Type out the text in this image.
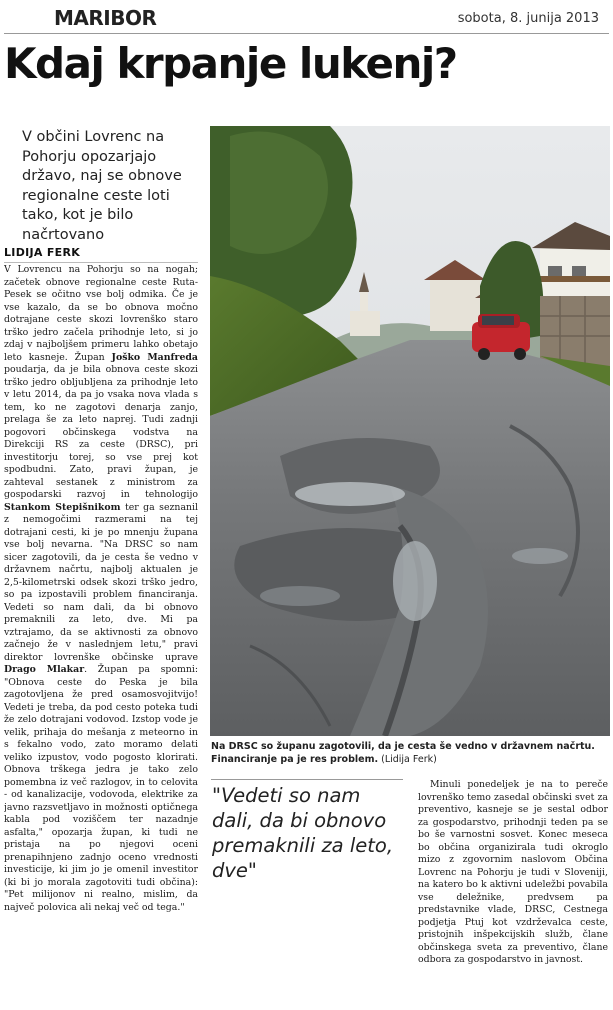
MARIBOR	sobota, 8. junija 2013
Kdaj krpanje lukenj?
V občini Lovrenc na Pohorju opozarjajo državo, naj se obnove regionalne ceste loti tako, kot je bilo načrtovano
LIDIJA FERK

V Lovrencu na Pohorju so na nogah; začetek obnove regionalne ceste Ruta-Pesek se očitno vse bolj odmika. Če je vse kazalo, da se bo obnova močno dotrajane ceste skozi lovrenško staro trško jedro začela prihodnje leto, si jo zdaj v najboljšem primeru lahko obetajo leto kasneje. Župan Joško Manfreda poudarja, da je bila obnova ceste skozi trško jedro obljubljena za prihodnje leto v letu 2014, da pa jo vsaka nova vlada s tem, ko ne zagotovi denarja zanjo, prelaga še za leto naprej. Tudi zadnji pogovori občinskega vodstva na Direkciji RS za ceste (DRSC), pri investitorju torej, so vse prej kot spodbudni. Zato, pravi župan, je zahteval sestanek z ministrom za gospodarski razvoj in tehnologijo Stankom Stepišnikom ter ga seznanil z nemogočimi razmerami na tej dotrajani cesti, ki je po mnenju župana vse bolj nevarna. "Na DRSC so nam sicer zagotovili, da je cesta še vedno v državnem načrtu, najbolj aktualen je 2,5-kilometrski odsek skozi trško jedro, so pa izpostavili problem financiranja. Vedeti so nam dali, da bi obnovo premaknili za leto, dve. Mi pa vztrajamo, da se aktivnosti za obnovo začnejo že v naslednjem letu," pravi direktor lovrenške občinske uprave Drago Mlakar. Župan pa spomni: "Obnova ceste do Peska je bila zagotovljena že pred osamosvojitvijo! Vedeti je treba, da pod cesto poteka tudi že zelo dotrajani vodovod. Izstop vode je velik, prihaja do mešanja z meteorno in s fekalno vodo, zato moramo delati veliko izpustov, vodo pogosto klorirati. Obnova trškega jedra je tako zelo pomembna iz več razlogov, in to celovita - od kanalizacije, vodovoda, elektrike za javno razsvetljavo in možnosti optičnega kabla pod voziščem ter nazadnje asfalta," opozarja župan, ki tudi ne pristaja na po njegovi oceni prenapihnjeno zadnjo oceno vrednosti investicije, ki jim jo je omenil investitor (ki bi jo morala zagotoviti tudi občina): "Pet milijonov ni realno, mislim, da največ polovica ali nekaj več od tega."

Na DRSC so županu zagotovili, da je cesta še vedno v državnem načrtu. Financiranje pa je res problem. (Lidija Ferk)
"Vedeti so nam dali, da bi obnovo premaknili za leto, dve"
Minuli ponedeljek je na to pereče lovrenško temo zasedal občinski svet za preventivo, kasneje se je sestal odbor za gospodarstvo, prihodnji teden pa se bo še varnostni sosvet. Konec meseca bo občina organizirala tudi okroglo mizo z zgovornim naslovom Občina Lovrenc na Pohorju je tudi v Sloveniji, na katero bo k aktivni udeležbi povabila vse deležnike, predvsem pa predstavnike vlade, DRSC, Cestnega podjetja Ptuj kot vzdrževalca ceste, pristojnih inšpekcijskih služb, člane občinskega sveta za preventivo, člane odbora za gospodarstvo in javnost.
